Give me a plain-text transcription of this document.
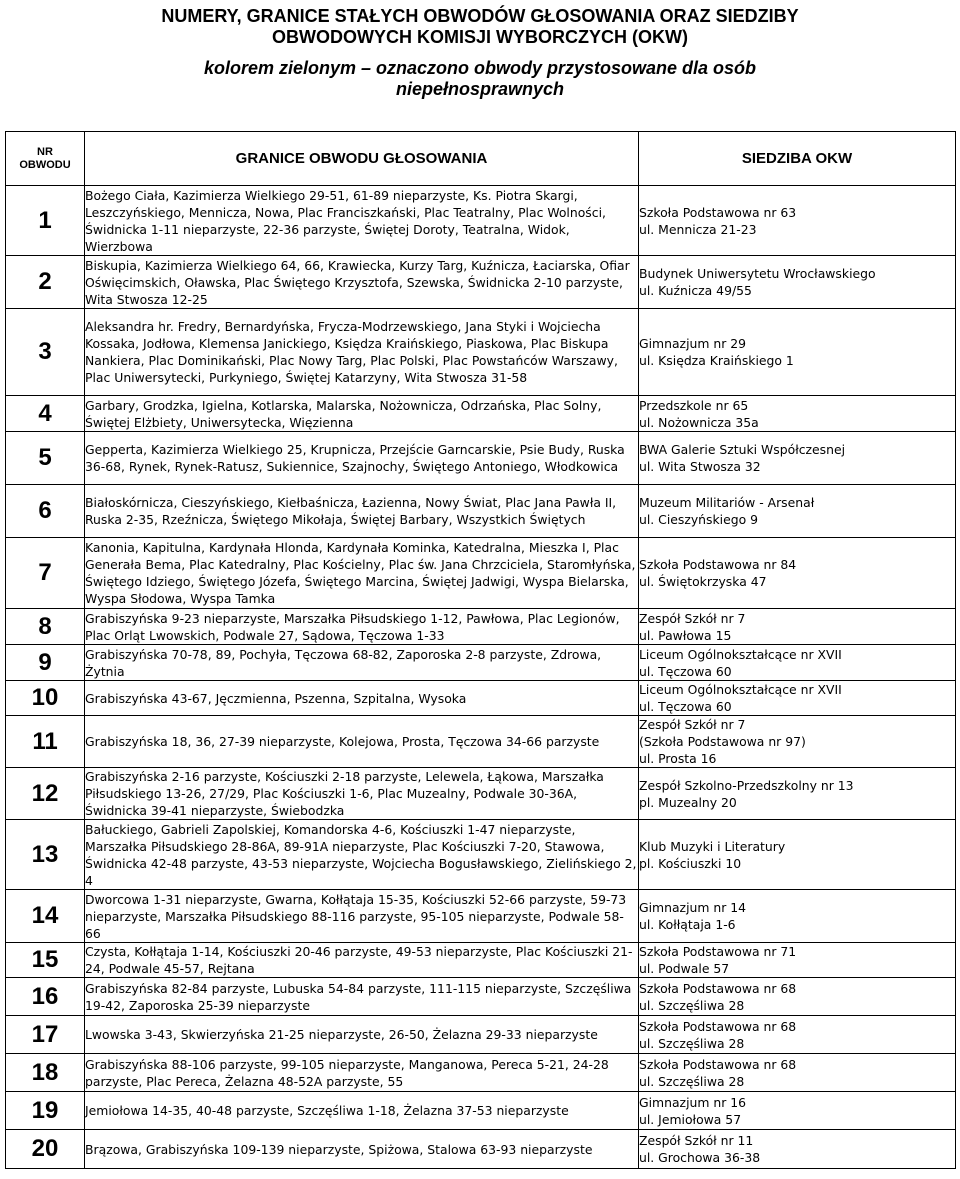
NUMERY, GRANICE STAŁYCH OBWODÓW GŁOSOWANIA ORAZ SIEDZIBY
OBWODOWYCH KOMISJI WYBORCZYCH (OKW)
kolorem zielonym – oznaczono obwody przystosowane dla osób
niepełnosprawnych
NR
OBWODU	GRANICE OBWODU GŁOSOWANIA	SIEDZIBA OKW
1	Bożego Ciała, Kazimierza Wielkiego 29-51, 61-89 nieparzyste, Ks. Piotra Skargi, Leszczyńskiego, Mennicza, Nowa, Plac Franciszkański, Plac Teatralny, Plac Wolności, Świdnicka 1-11 nieparzyste, 22-36 parzyste, Świętej Doroty, Teatralna, Widok, Wierzbowa	Szkoła Podstawowa nr 63
ul. Mennicza 21-23

2	Biskupia, Kazimierza Wielkiego 64, 66, Krawiecka, Kurzy Targ, Kuźnicza, Łaciarska, Ofiar Oświęcimskich, Oławska, Plac Świętego Krzysztofa, Szewska, Świdnicka 2-10 parzyste, Wita Stwosza 12-25	Budynek Uniwersytetu Wrocławskiego
ul. Kuźnicza 49/55

3	Aleksandra hr. Fredry, Bernardyńska, Frycza-Modrzewskiego, Jana Styki i Wojciecha Kossaka, Jodłowa, Klemensa Janickiego, Księdza Kraińskiego, Piaskowa, Plac Biskupa Nankiera, Plac Dominikański, Plac Nowy Targ, Plac Polski, Plac Powstańców Warszawy, Plac Uniwersytecki, Purkyniego, Świętej Katarzyny, Wita Stwosza 31-58	Gimnazjum nr 29
ul. Księdza Kraińskiego 1

4	Garbary, Grodzka, Igielna, Kotlarska, Malarska, Nożownicza, Odrzańska, Plac Solny, Świętej Elżbiety, Uniwersytecka, Więzienna	Przedszkole nr 65
ul. Nożownicza 35a

5	Gepperta, Kazimierza Wielkiego 25, Krupnicza, Przejście Garncarskie, Psie Budy, Ruska 36-68, Rynek, Rynek-Ratusz, Sukiennice, Szajnochy, Świętego Antoniego, Włodkowica	BWA Galerie Sztuki Współczesnej
ul. Wita Stwosza 32

6	Białoskórnicza, Cieszyńskiego, Kiełbaśnicza, Łazienna, Nowy Świat, Plac Jana Pawła II, Ruska 2-35, Rzeźnicza, Świętego Mikołaja, Świętej Barbary, Wszystkich Świętych	Muzeum Militariów - Arsenał
ul. Cieszyńskiego 9

7	Kanonia, Kapitulna, Kardynała Hlonda, Kardynała Kominka, Katedralna, Mieszka I, Plac Generała Bema, Plac Katedralny, Plac Kościelny, Plac św. Jana Chrzciciela, Staromłyńska, Świętego Idziego, Świętego Józefa, Świętego Marcina, Świętej Jadwigi, Wyspa Bielarska, Wyspa Słodowa, Wyspa Tamka	Szkoła Podstawowa nr 84
ul. Świętokrzyska 47

8	Grabiszyńska 9-23 nieparzyste, Marszałka Piłsudskiego 1-12, Pawłowa, Plac Legionów, Plac Orląt Lwowskich, Podwale 27, Sądowa, Tęczowa 1-33	Zespół Szkół nr 7
ul. Pawłowa 15

9	Grabiszyńska 70-78, 89, Pochyła, Tęczowa 68-82, Zaporoska 2-8 parzyste, Zdrowa, Żytnia	Liceum Ogólnokształcące nr XVII
ul. Tęczowa 60

10	Grabiszyńska 43-67, Jęczmienna, Pszenna, Szpitalna, Wysoka	Liceum Ogólnokształcące nr XVII
ul. Tęczowa 60

11	Grabiszyńska 18, 36, 27-39 nieparzyste, Kolejowa, Prosta, Tęczowa 34-66 parzyste	Zespół Szkół nr 7
(Szkoła Podstawowa nr 97)
ul. Prosta 16

12	Grabiszyńska 2-16 parzyste, Kościuszki 2-18 parzyste, Lelewela, Łąkowa, Marszałka Piłsudskiego 13-26, 27/29, Plac Kościuszki 1-6, Plac Muzealny, Podwale 30-36A, Świdnicka 39-41 nieparzyste, Świebodzka	Zespół Szkolno-Przedszkolny nr 13
pl. Muzealny 20

13	Bałuckiego, Gabrieli Zapolskiej, Komandorska 4-6, Kościuszki 1-47 nieparzyste, Marszałka Piłsudskiego 28-86A, 89-91A nieparzyste, Plac Kościuszki 7-20, Stawowa, Świdnicka 42-48 parzyste, 43-53 nieparzyste, Wojciecha Bogusławskiego, Zielińskiego 2, 4	Klub Muzyki i Literatury
pl. Kościuszki 10

14	Dworcowa 1-31 nieparzyste, Gwarna, Kołłątaja 15-35, Kościuszki 52-66 parzyste, 59-73 nieparzyste, Marszałka Piłsudskiego 88-116 parzyste, 95-105 nieparzyste, Podwale 58-66	Gimnazjum nr 14
ul. Kołłątaja 1-6

15	Czysta, Kołłątaja 1-14, Kościuszki 20-46 parzyste, 49-53 nieparzyste, Plac Kościuszki 21-24, Podwale 45-57, Rejtana	Szkoła Podstawowa nr 71
ul. Podwale 57

16	Grabiszyńska 82-84 parzyste, Lubuska 54-84 parzyste, 111-115 nieparzyste, Szczęśliwa 19-42, Zaporoska 25-39 nieparzyste	Szkoła Podstawowa nr 68
ul. Szczęśliwa 28

17	Lwowska 3-43, Skwierzyńska 21-25 nieparzyste, 26-50, Żelazna 29-33 nieparzyste	Szkoła Podstawowa nr 68
ul. Szczęśliwa 28

18	Grabiszyńska 88-106 parzyste, 99-105 nieparzyste, Manganowa, Pereca 5-21, 24-28 parzyste, Plac Pereca, Żelazna 48-52A parzyste, 55	Szkoła Podstawowa nr 68
ul. Szczęśliwa 28

19	Jemiołowa 14-35, 40-48 parzyste, Szczęśliwa 1-18, Żelazna 37-53 nieparzyste	Gimnazjum nr 16
ul. Jemiołowa 57

20	Brązowa, Grabiszyńska 109-139 nieparzyste, Spiżowa, Stalowa 63-93 nieparzyste	Zespół Szkół nr 11
ul. Grochowa 36-38
